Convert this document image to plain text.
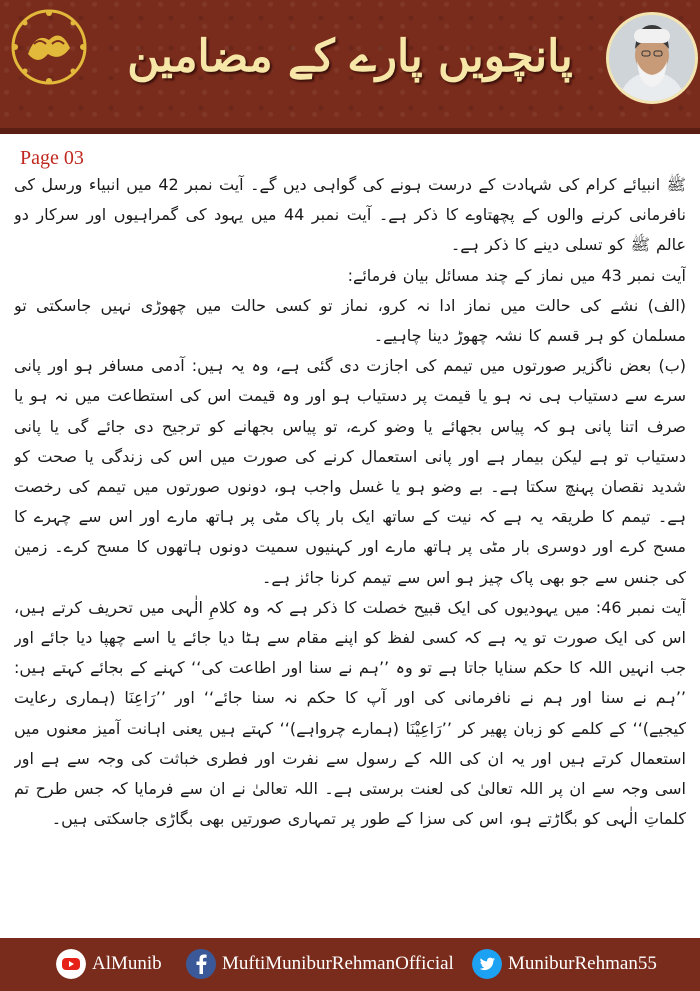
پانچویں پارے کے مضامین
Page 03

ﷺ انبیائے کرام کی شہادت کے درست ہونے کی گواہی دیں گے۔ آیت نمبر 42 میں انبیاء ورسل کی نافرمانی کرنے والوں کے پچھتاوے کا ذکر ہے۔ آیت نمبر 44 میں یہود کی گمراہیوں اور سرکار دو عالم ﷺ کو تسلی دینے کا ذکر ہے۔

آیت نمبر 43 میں نماز کے چند مسائل بیان فرمائے:

(الف) نشے کی حالت میں نماز ادا نہ کرو، نماز تو کسی حالت میں چھوڑی نہیں جاسکتی تو مسلمان کو ہر قسم کا نشہ چھوڑ دینا چاہیے۔

(ب) بعض ناگزیر صورتوں میں تیمم کی اجازت دی گئی ہے، وہ یہ ہیں: آدمی مسافر ہو اور پانی سرے سے دستیاب ہی نہ ہو یا قیمت پر دستیاب ہو اور وہ قیمت اس کی استطاعت میں نہ ہو یا صرف اتنا پانی ہو کہ پیاس بجھائے یا وضو کرے، تو پیاس بجھانے کو ترجیح دی جائے گی یا پانی دستیاب تو ہے لیکن بیمار ہے اور پانی استعمال کرنے کی صورت میں اس کی زندگی یا صحت کو شدید نقصان پہنچ سکتا ہے۔ بے وضو ہو یا غسل واجب ہو، دونوں صورتوں میں تیمم کی رخصت ہے۔ تیمم کا طریقہ یہ ہے کہ نیت کے ساتھ ایک بار پاک مٹی پر ہاتھ مارے اور اس سے چہرے کا مسح کرے اور دوسری بار مٹی پر ہاتھ مارے اور کہنیوں سمیت دونوں ہاتھوں کا مسح کرے۔ زمین کی جنس سے جو بھی پاک چیز ہو اس سے تیمم کرنا جائز ہے۔

آیت نمبر 46: میں یہودیوں کی ایک قبیح خصلت کا ذکر ہے کہ وہ کلامِ الٰہی میں تحریف کرتے ہیں، اس کی ایک صورت تو یہ ہے کہ کسی لفظ کو اپنے مقام سے ہٹا دیا جائے یا اسے چھپا دیا جائے اور جب انہیں اللہ کا حکم سنایا جاتا ہے تو وہ ’’ہم نے سنا اور اطاعت کی‘‘ کہنے کے بجائے کہتے ہیں: ’’ہم نے سنا اور ہم نے نافرمانی کی اور آپ کا حکم نہ سنا جائے‘‘ اور ’’رَاعِنَا (ہماری رعایت کیجیے)‘‘ کے کلمے کو زبان پھیر کر ’’رَاعِیْنَا (ہمارے چرواہے)‘‘ کہتے ہیں یعنی اہانت آمیز معنوں میں استعمال کرتے ہیں اور یہ ان کی اللہ کے رسول سے نفرت اور فطری خباثت کی وجہ سے ہے اور اسی وجہ سے ان پر اللہ تعالیٰ کی لعنت برستی ہے۔ اللہ تعالیٰ نے ان سے فرمایا کہ جس طرح تم کلماتِ الٰہی کو بگاڑتے ہو، اس کی سزا کے طور پر تمہاری صورتیں بھی بگاڑی جاسکتی ہیں۔

AlMunib	MuftiMuniburRehmanOfficial	MuniburRehman55
